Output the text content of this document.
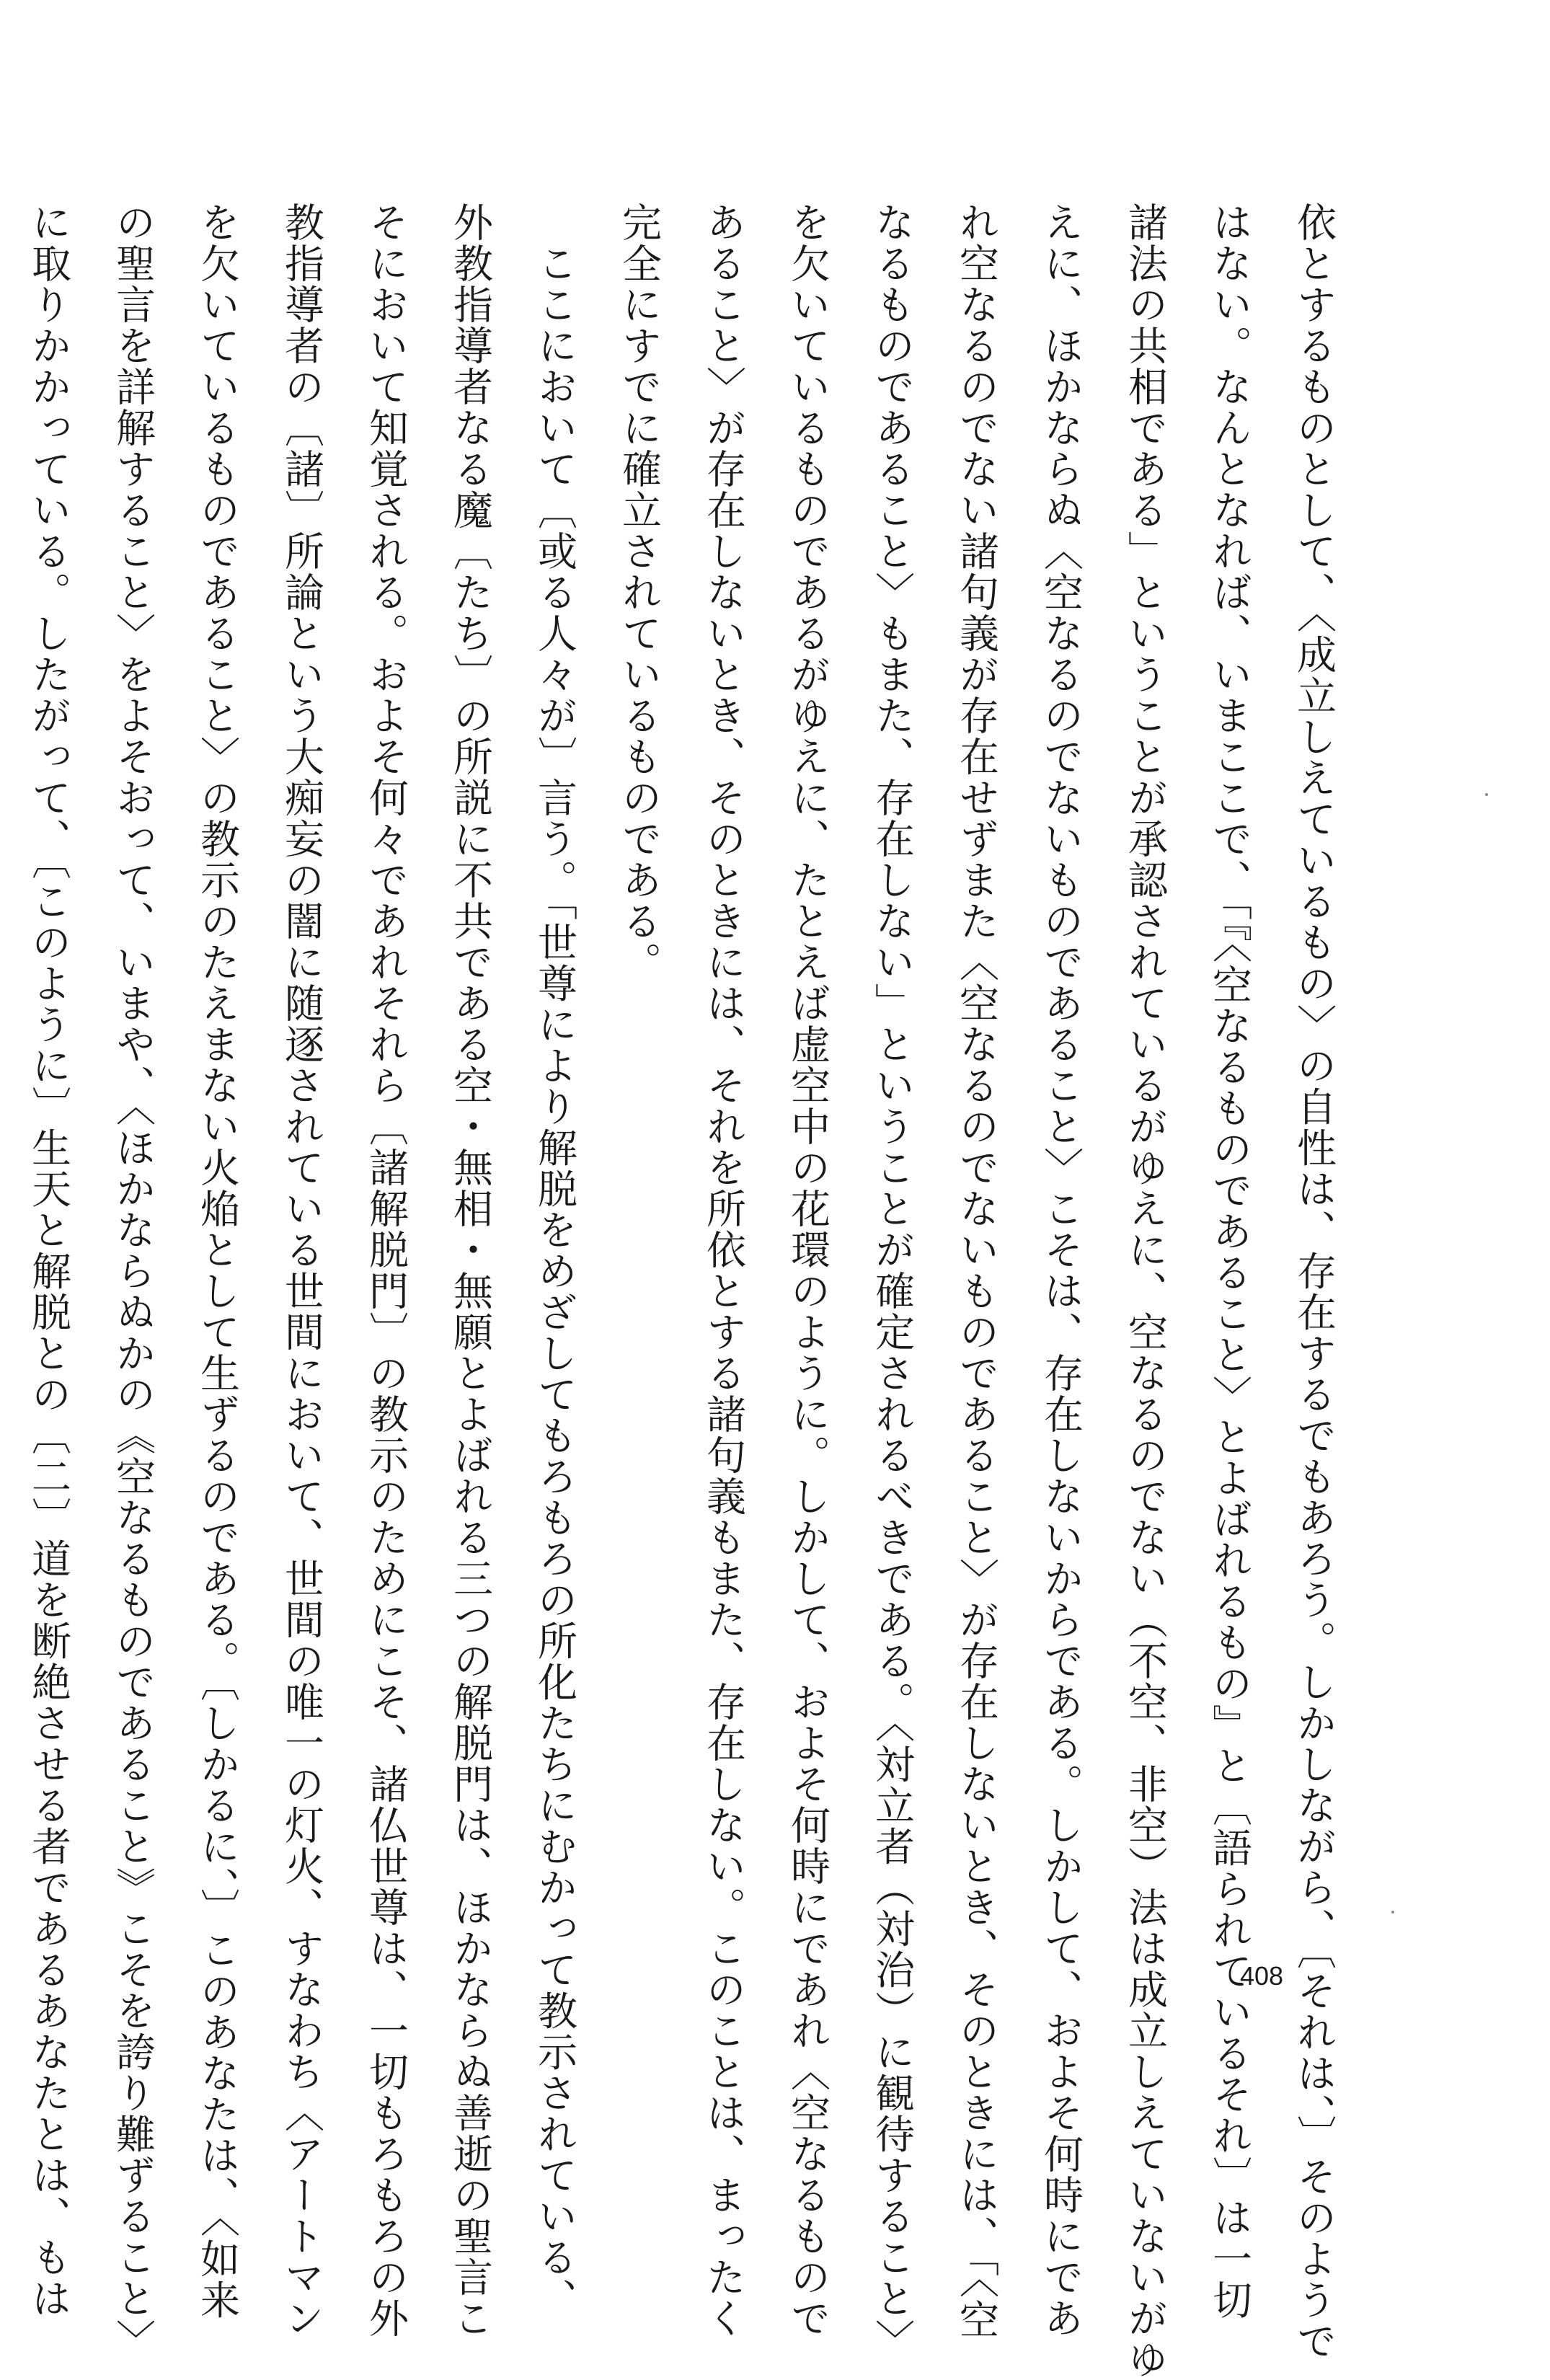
依とするものとして、〈成立しえているもの〉の自性は、存在するでもあろう。しかしながら、〔それは、〕そのようで
はない。なんとなれば、いまここで、「『〈空なるものであること〉とよばれるもの』と〔語られているそれ〕は一切
諸法の共相である」ということが承認されているがゆえに、空なるのでない（不空、非空）法は成立しえていないがゆ
えに、ほかならぬ〈空なるのでないものであること〉こそは、存在しないからである。しかして、およそ何時にであ
れ空なるのでない諸句義が存在せずまた〈空なるのでないものであること〉が存在しないとき、そのときには、「〈空
なるものであること〉もまた、存在しない」ということが確定されるべきである。〈対立者（対治）に観待すること〉
を欠いているものであるがゆえに、たとえば虚空中の花環のように。しかして、およそ何時にであれ〈空なるもので
あること〉が存在しないとき、そのときには、それを所依とする諸句義もまた、存在しない。このことは、まったく
完全にすでに確立されているものである。
　ここにおいて〔或る人々が〕言う。「世尊により解脱をめざしてもろもろの所化たちにむかって教示されている、
外教指導者なる魔〔たち〕の所説に不共である空・無相・無願とよばれる三つの解脱門は、ほかならぬ善逝の聖言こ
そにおいて知覚される。およそ何々であれそれら〔諸解脱門〕の教示のためにこそ、諸仏世尊は、一切もろもろの外
教指導者の〔諸〕所論という大痴妄の闇に随逐されている世間において、世間の唯一の灯火、すなわち〈アートマン
を欠いているものであること〉の教示のたえまない火焔として生ずるのである。〔しかるに、〕このあなたは、〈如来
の聖言を詳解すること〉をよそおって、いまや、〈ほかならぬかの《空なるものであること》こそを誇り難ずること〉
に取りかかっている。したがって、〔このように〕生天と解脱との〔二〕道を断絶させる者であるあなたとは、もは	408
